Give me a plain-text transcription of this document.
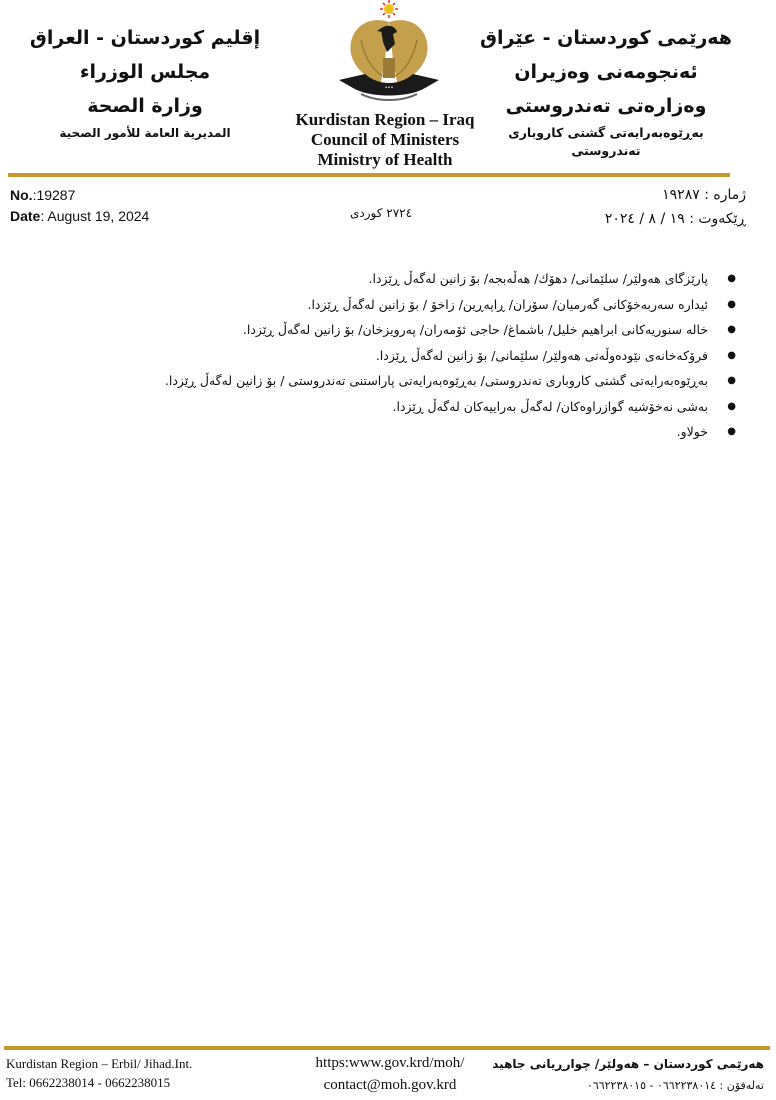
إقليم كوردستان - العراق
مجلس الوزراء
وزارة الصحة
المديرية العامة للأمور الصحية
•••
Kurdistan Region – Iraq
Council of Ministers
Ministry of Health
هەرێمی کوردستان - عێراق
ئەنجومەنی وەزیران
وەزارەتی تەندروستی
بەڕێوەبەرایەتی گشتی کاروباری تەندروستی
No.:19287
Date: August 19, 2024	٢٧٢٤ کوردی
ژمارە : ١٩٢٨٧
ڕێکەوت : ١٩ / ٨ / ٢٠٢٤
●
پارێزگای هەولێر/ سلێمانی/ دهۆك/ هەڵەبجە/ بۆ زانین لەگەڵ ڕێزدا.
●
ئیدارە سەربەخۆکانی گەرمیان/ سۆران/ ڕاپەڕین/ زاخۆ / بۆ زانین لەگەڵ ڕێزدا.
●
خالە سنوریەکانی ابراهیم خلیل/ باشماغ/ حاجی ئۆمەران/ پەرویزخان/ بۆ زانین لەگەڵ ڕێزدا.
●
فرۆکەخانەی نێودەوڵەتی هەولێر/ سلێمانی/ بۆ زانین لەگەڵ ڕێزدا.
●
بەڕێوەبەرایەتی گشتی کاروباری تەندروستی/ بەڕێوەبەرایەتی پاراستنی تەندروستی / بۆ زانین لەگەڵ ڕێزدا.
●
بەشی نەخۆشیە گوازراوەکان/ لەگەڵ بەراییەکان لەگەڵ ڕێزدا.
●
خولاو.
Kurdistan Region – Erbil/ Jihad.Int.
Tel: 0662238014 - 0662238015
https:www.gov.krd/moh/
contact@moh.gov.krd
هەرێمی کوردستان – هەولێر/ چوارڕیانی جاهید
تەلەفۆن : ٠٦٦٢٢٣٨٠١٤ - ٠٦٦٢٢٣٨٠١٥
